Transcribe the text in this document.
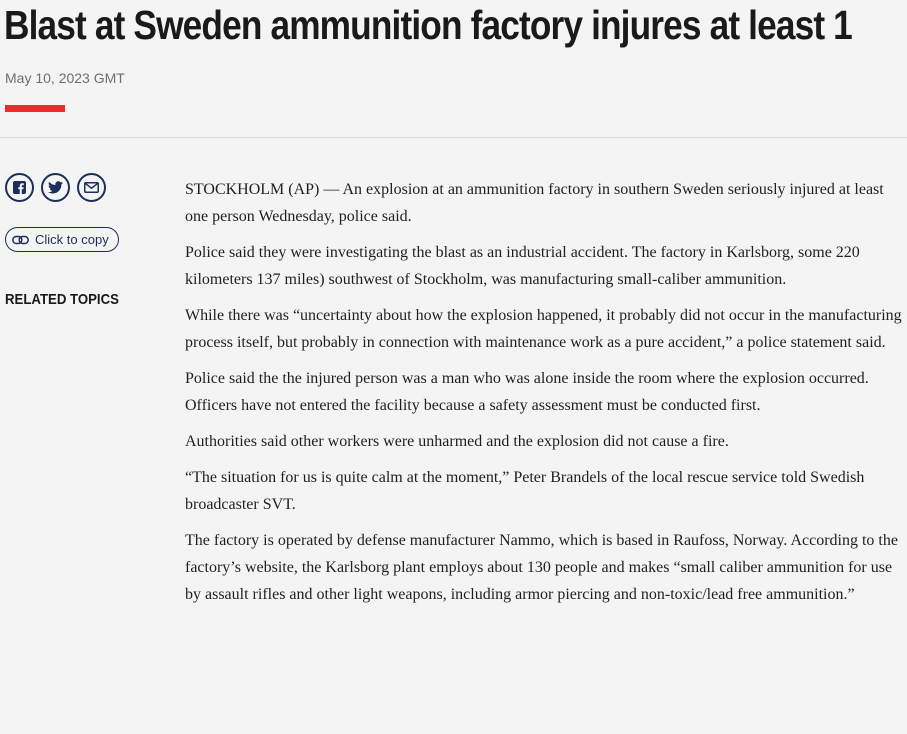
Blast at Sweden ammunition factory injures at least 1
May 10, 2023 GMT
Click to copy
RELATED TOPICS

STOCKHOLM (AP) — An explosion at an ammunition factory in southern Sweden seriously injured at least one person Wednesday, police said.

Police said they were investigating the blast as an industrial accident. The factory in Karlsborg, some 220 kilometers 137 miles) southwest of Stockholm, was manufacturing small-caliber ammunition.

While there was “uncertainty about how the explosion happened, it probably did not occur in the manufacturing process itself, but probably in connection with maintenance work as a pure accident,” a police statement said.

Police said the the injured person was a man who was alone inside the room where the explosion occurred. Officers have not entered the facility because a safety assessment must be conducted first.

Authorities said other workers were unharmed and the explosion did not cause a fire.

“The situation for us is quite calm at the moment,” Peter Brandels of the local rescue service told Swedish broadcaster SVT.

The factory is operated by defense manufacturer Nammo, which is based in Raufoss, Norway. According to the factory’s website, the Karlsborg plant employs about 130 people and makes “small caliber ammunition for use by assault rifles and other light weapons, including armor piercing and non-toxic/lead free ammunition.”
